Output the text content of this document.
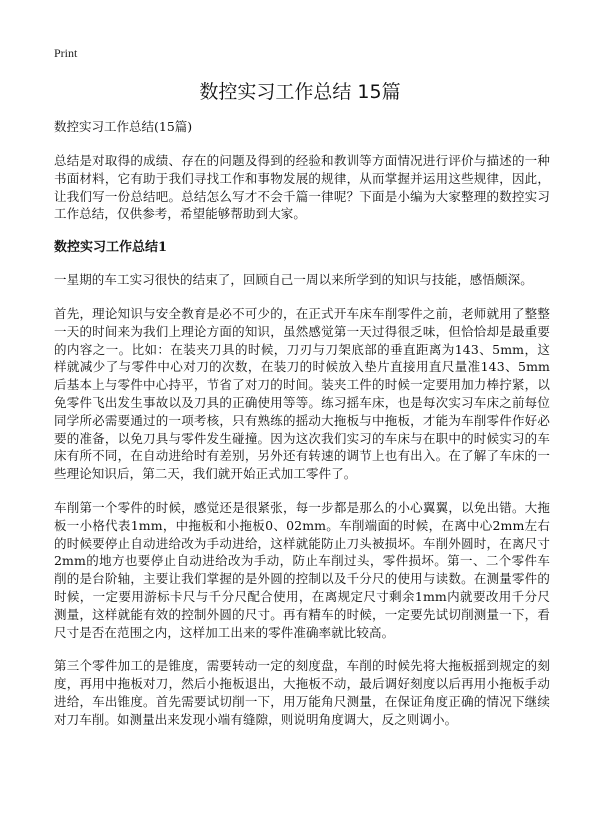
Print
数控实习工作总结 15篇
数控实习工作总结(15篇)

总结是对取得的成绩、存在的问题及得到的经验和教训等方面情况进行评价与描述的一种书面材料，它有助于我们寻找工作和事物发展的规律，从而掌握并运用这些规律，因此，让我们写一份总结吧。总结怎么写才不会千篇一律呢？下面是小编为大家整理的数控实习工作总结，仅供参考，希望能够帮助到大家。

数控实习工作总结1

一星期的车工实习很快的结束了，回顾自己一周以来所学到的知识与技能，感悟颇深。

首先，理论知识与安全教育是必不可少的，在正式开车床车削零件之前，老师就用了整整一天的时间来为我们上理论方面的知识，虽然感觉第一天过得很乏味，但恰恰却是最重要的内容之一。比如：在装夹刀具的时候，刀刃与刀架底部的垂直距离为143、5mm，这样就减少了与零件中心对刀的次数，在装刀的时候放入垫片直接用直尺量准143、5mm后基本上与零件中心持平，节省了对刀的时间。装夹工件的时候一定要用加力棒拧紧，以免零件飞出发生事故以及刀具的正确使用等等。练习摇车床，也是每次实习车床之前每位同学所必需要通过的一项考核，只有熟练的摇动大拖板与中拖板，才能为车削零件作好必要的准备，以免刀具与零件发生碰撞。因为这次我们实习的车床与在职中的时候实习的车床有所不同，在自动进给时有差别，另外还有转速的调节上也有出入。在了解了车床的一些理论知识后，第二天，我们就开始正式加工零件了。

车削第一个零件的时候，感觉还是很紧张，每一步都是那么的小心翼翼，以免出错。大拖板一小格代表1mm，中拖板和小拖板0、02mm。车削端面的时候，在离中心2mm左右的时候要停止自动进给改为手动进给，这样就能防止刀头被损坏。车削外圆时，在离尺寸2mm的地方也要停止自动进给改为手动，防止车削过头，零件损坏。第一、二个零件车削的是台阶轴，主要让我们掌握的是外圆的控制以及千分尺的使用与读数。在测量零件的时候，一定要用游标卡尺与千分尺配合使用，在离规定尺寸剩余1mm内就要改用千分尺测量，这样就能有效的控制外圆的尺寸。再有精车的时候，一定要先试切削测量一下，看尺寸是否在范围之内，这样加工出来的零件准确率就比较高。

第三个零件加工的是锥度，需要转动一定的刻度盘，车削的时候先将大拖板摇到规定的刻度，再用中拖板对刀，然后小拖板退出，大拖板不动，最后调好刻度以后再用小拖板手动进给，车出锥度。首先需要试切削一下，用万能角尺测量，在保证角度正确的情况下继续对刀车削。如测量出来发现小端有缝隙，则说明角度调大，反之则调小。
